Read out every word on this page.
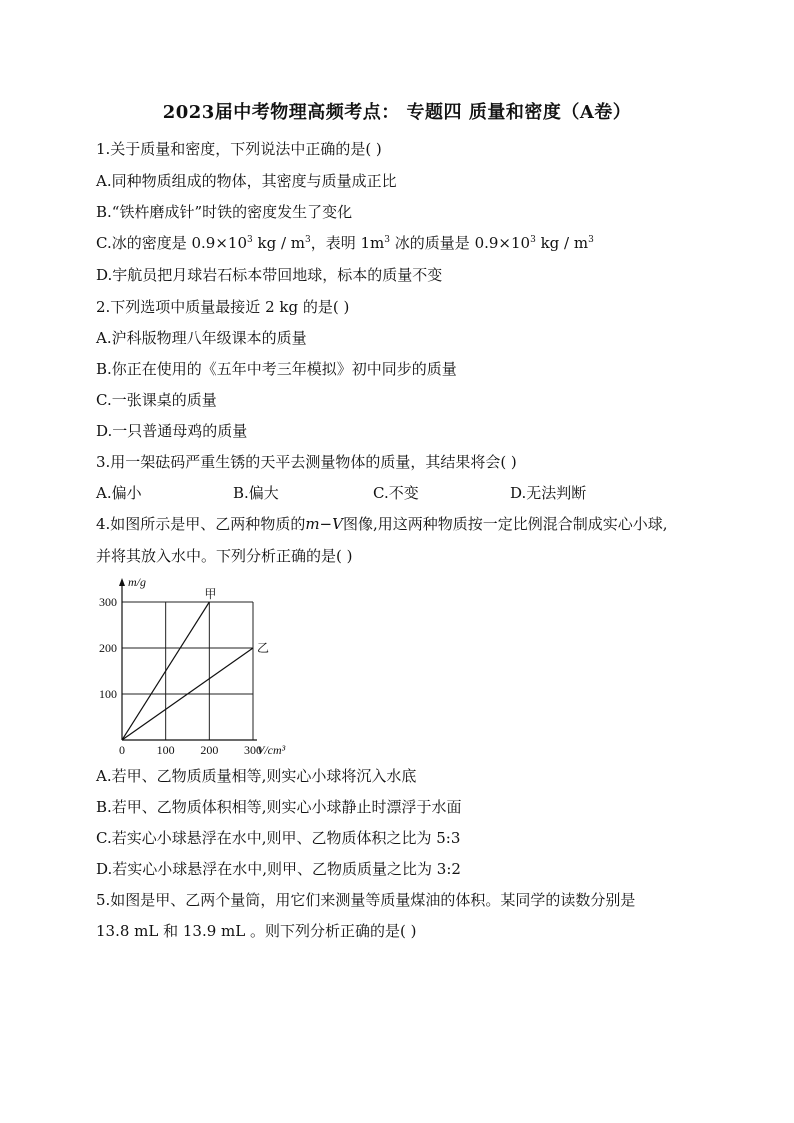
2023届中考物理高频考点： 专题四 质量和密度（A卷）
1.关于质量和密度，下列说法中正确的是( )
A.同种物质组成的物体，其密度与质量成正比
B.“铁杵磨成针”时铁的密度发生了变化
C.冰的密度是 $0.9\times 10^3$ kg / $m^3$，表明 $1m^3$ 冰的质量是 $0.9\times 10^3$ kg / $m^3$
D.宇航员把月球岩石标本带回地球，标本的质量不变
2.下列选项中质量最接近 2 kg 的是( )
A.沪科版物理八年级课本的质量
B.你正在使用的《五年中考三年模拟》初中同步的质量
C.一张课桌的质量
D.一只普通母鸡的质量
3.用一架砝码严重生锈的天平去测量物体的质量，其结果将会( )
A.偏小	B.偏大	C.不变	D.无法判断
4.如图所示是甲、乙两种物质的m−V图像,用这两种物质按一定比例混合制成实心小球,
并将其放入水中。下列分析正确的是( )
甲
乙
100
200
300
0	100 200 300
m/g
V/cm³
A.若甲、乙物质质量相等,则实心小球将沉入水底
B.若甲、乙物质体积相等,则实心小球静止时漂浮于水面
C.若实心小球悬浮在水中,则甲、乙物质体积之比为 5:3
D.若实心小球悬浮在水中,则甲、乙物质质量之比为 3:2
5.如图是甲、乙两个量筒，用它们来测量等质量煤油的体积。某同学的读数分别是
13.8 mL 和 13.9 mL 。则下列分析正确的是( )
